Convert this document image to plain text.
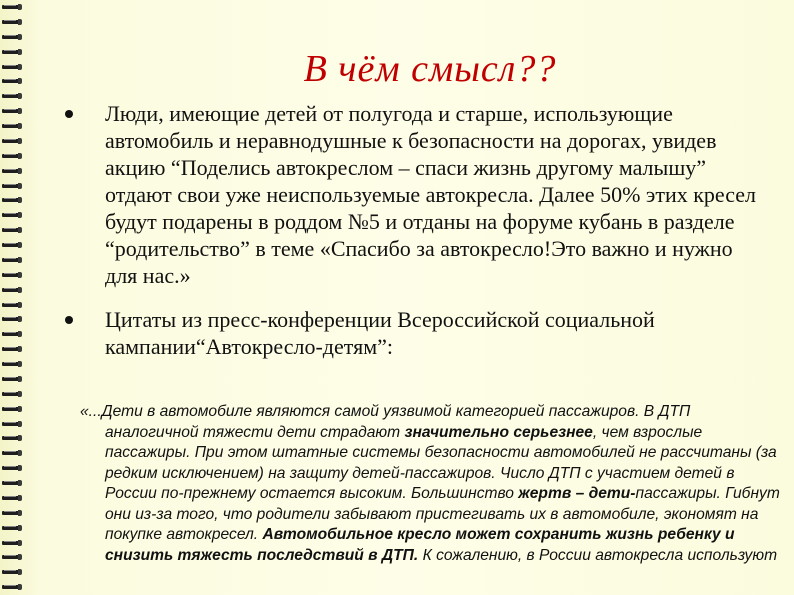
В чём смысл??
Люди, имеющие детей от полугода и старше, использующие автомобиль и неравнодушные к безопасности на дорогах, увидев акцию “Поделись автокреслом – спаси жизнь другому малышу” отдают свои уже неиспользуемые автокресла. Далее 50% этих кресел будут подарены в роддом №5 и отданы на форуме кубань в разделе “родительство” в теме «Спасибо за автокресло!Это важно и нужно для нас.»
Цитаты из пресс-конференции Всероссийской социальной кампании“Автокресло-детям”:
«...Дети в автомобиле являются самой уязвимой категорией пассажиров. В ДТП аналогичной тяжести дети страдают значительно серьезнее, чем взрослые пассажиры. При этом штатные системы безопасности автомобилей не рассчитаны (за редким исключением) на защиту детей-пассажиров. Число ДТП с участием детей в России по-прежнему остается высоким. Большинство жертв – дети-пассажиры. Гибнут они из-за того, что родители забывают пристегивать их в автомобиле, экономят на покупке автокресел. Автомобильное кресло может сохранить жизнь ребенку и снизить тяжесть последствий в ДТП. К сожалению, в России автокресла используют
